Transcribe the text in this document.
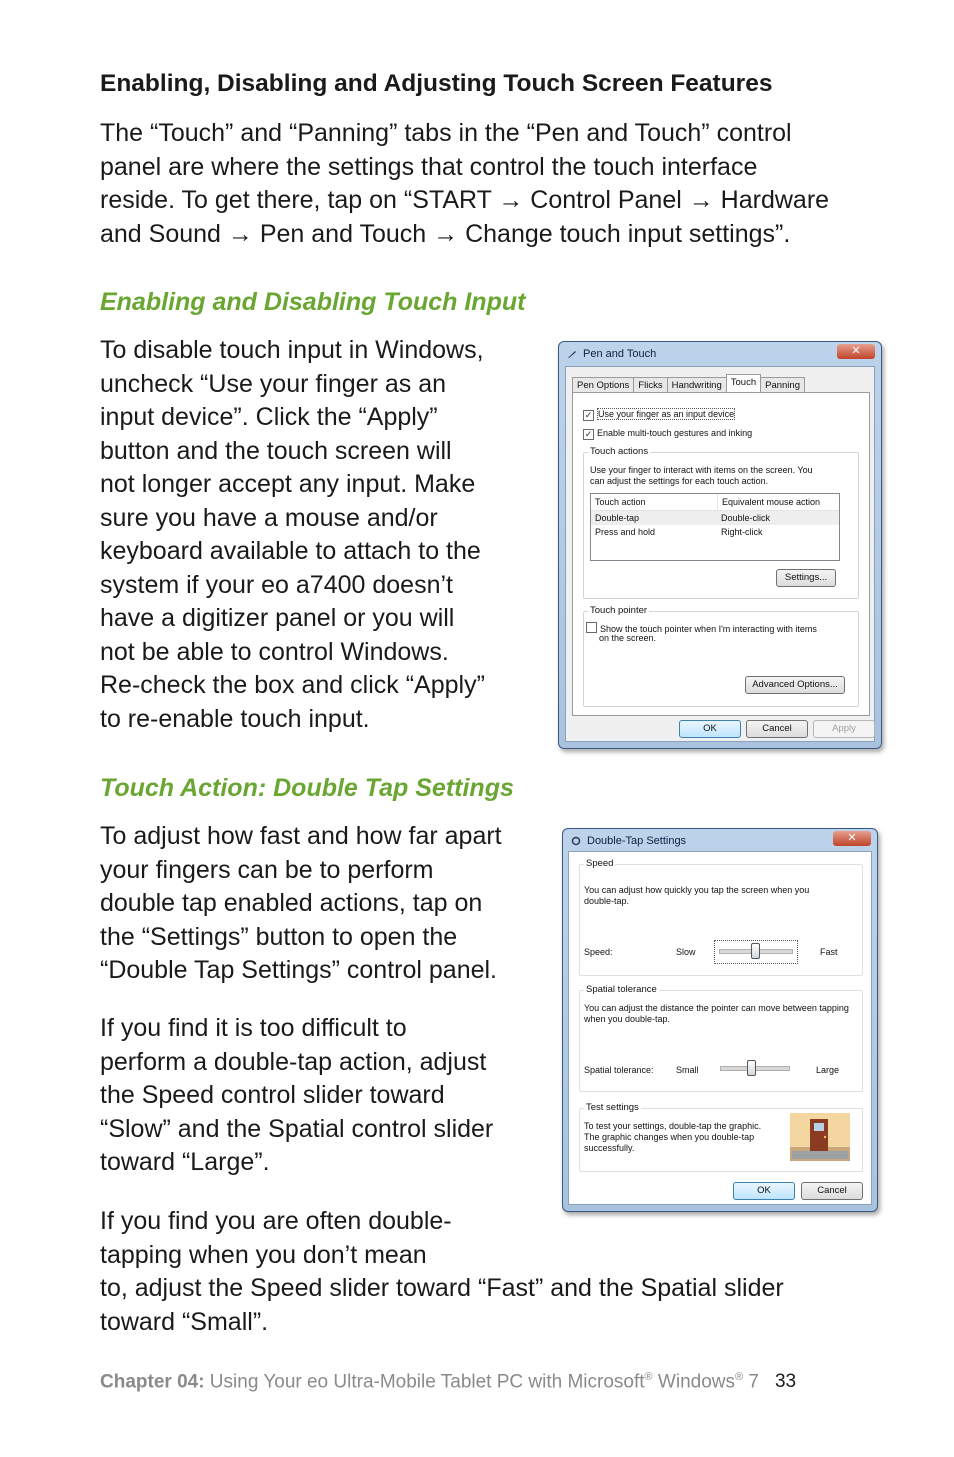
Enabling, Disabling and Adjusting Touch Screen Features
The “Touch” and “Panning” tabs in the “Pen and Touch” control
panel are where the settings that control the touch interface
reside. To get there, tap on “START → Control Panel → Hardware
and Sound → Pen and Touch → Change touch input settings”.
Enabling and Disabling Touch Input
To disable touch input in Windows,
uncheck “Use your finger as an
input device”. Click the “Apply”
button and the touch screen will
not longer accept any input. Make
sure you have a mouse and/or
keyboard available to attach to the
system if your eo a7400 doesn’t
have a digitizer panel or you will
not be able to control Windows.
Re-check the box and click “Apply”
to re-enable touch input.
Touch Action: Double Tap Settings
To adjust how fast and how far apart
your fingers can be to perform
double tap enabled actions, tap on
the “Settings” button to open the
“Double Tap Settings” control panel.
If you find it is too difficult to
perform a double-tap action, adjust
the Speed control slider toward
“Slow” and the Spatial control slider
toward “Large”.
If you find you are often double-
tapping when you don’t mean
to, adjust the Speed slider toward “Fast” and the Spatial slider
toward “Small”.
Pen and Touch	✕
Pen Options Flicks Handwriting Touch Panning
✓ Use your finger as an input device
✓ Enable multi-touch gestures and inking
Touch actions
Use your finger to interact with items on the screen. You
can adjust the settings for each touch action.
Touch action	Equivalent mouse action
Double-tap	Double-click
Press and hold	Right-click
Settings...
Touch pointer
Show the touch pointer when I'm interacting with items
on the screen.
Advanced Options...
OK	Cancel	Apply
Double-Tap Settings	✕
Speed
You can adjust how quickly you tap the screen when you
double-tap.
Speed:	Slow	Fast
Spatial tolerance
You can adjust the distance the pointer can move between tapping
when you double-tap.
Spatial tolerance: Small	Large
Test settings
To test your settings, double-tap the graphic.
The graphic changes when you double-tap
successfully.
OK	Cancel
Chapter 04: Using Your eo Ultra-Mobile Tablet PC with Microsoft® Windows® 7 33
